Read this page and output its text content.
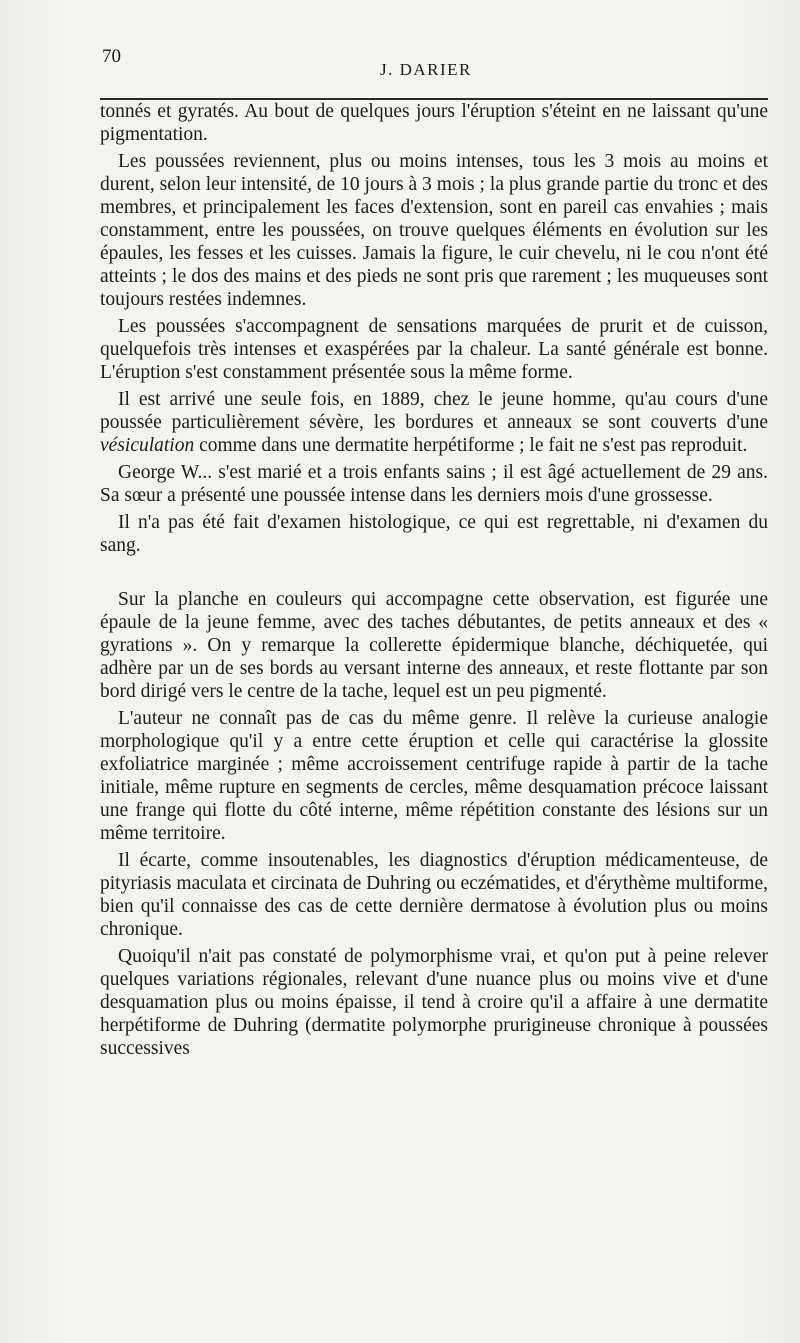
70
J. DARIER

tonnés et gyratés. Au bout de quelques jours l'éruption s'éteint en ne laissant qu'une pigmentation.

Les poussées reviennent, plus ou moins intenses, tous les 3 mois au moins et durent, selon leur intensité, de 10 jours à 3 mois ; la plus grande partie du tronc et des membres, et principalement les faces d'extension, sont en pareil cas envahies ; mais constamment, entre les poussées, on trouve quelques éléments en évolution sur les épaules, les fesses et les cuisses. Jamais la figure, le cuir chevelu, ni le cou n'ont été atteints ; le dos des mains et des pieds ne sont pris que rarement ; les muqueuses sont toujours restées indemnes.

Les poussées s'accompagnent de sensations marquées de prurit et de cuisson, quelquefois très intenses et exaspérées par la chaleur. La santé générale est bonne. L'éruption s'est constamment présentée sous la même forme.

Il est arrivé une seule fois, en 1889, chez le jeune homme, qu'au cours d'une poussée particulièrement sévère, les bordures et anneaux se sont couverts d'une vésiculation comme dans une dermatite herpétiforme ; le fait ne s'est pas reproduit.

George W... s'est marié et a trois enfants sains ; il est âgé actuellement de 29 ans. Sa sœur a présenté une poussée intense dans les derniers mois d'une grossesse.

Il n'a pas été fait d'examen histologique, ce qui est regrettable, ni d'examen du sang.

Sur la planche en couleurs qui accompagne cette observation, est figurée une épaule de la jeune femme, avec des taches débutantes, de petits anneaux et des « gyrations ». On y remarque la collerette épidermique blanche, déchiquetée, qui adhère par un de ses bords au versant interne des anneaux, et reste flottante par son bord dirigé vers le centre de la tache, lequel est un peu pigmenté.

L'auteur ne connaît pas de cas du même genre. Il relève la curieuse analogie morphologique qu'il y a entre cette éruption et celle qui caractérise la glossite exfoliatrice marginée ; même accroissement centrifuge rapide à partir de la tache initiale, même rupture en segments de cercles, même desquamation précoce laissant une frange qui flotte du côté interne, même répétition constante des lésions sur un même territoire.

Il écarte, comme insoutenables, les diagnostics d'éruption médicamenteuse, de pityriasis maculata et circinata de Duhring ou eczématides, et d'érythème multiforme, bien qu'il connaisse des cas de cette dernière dermatose à évolution plus ou moins chronique.

Quoiqu'il n'ait pas constaté de polymorphisme vrai, et qu'on put à peine relever quelques variations régionales, relevant d'une nuance plus ou moins vive et d'une desquamation plus ou moins épaisse, il tend à croire qu'il a affaire à une dermatite herpétiforme de Duhring (dermatite polymorphe prurigineuse chronique à poussées successives
